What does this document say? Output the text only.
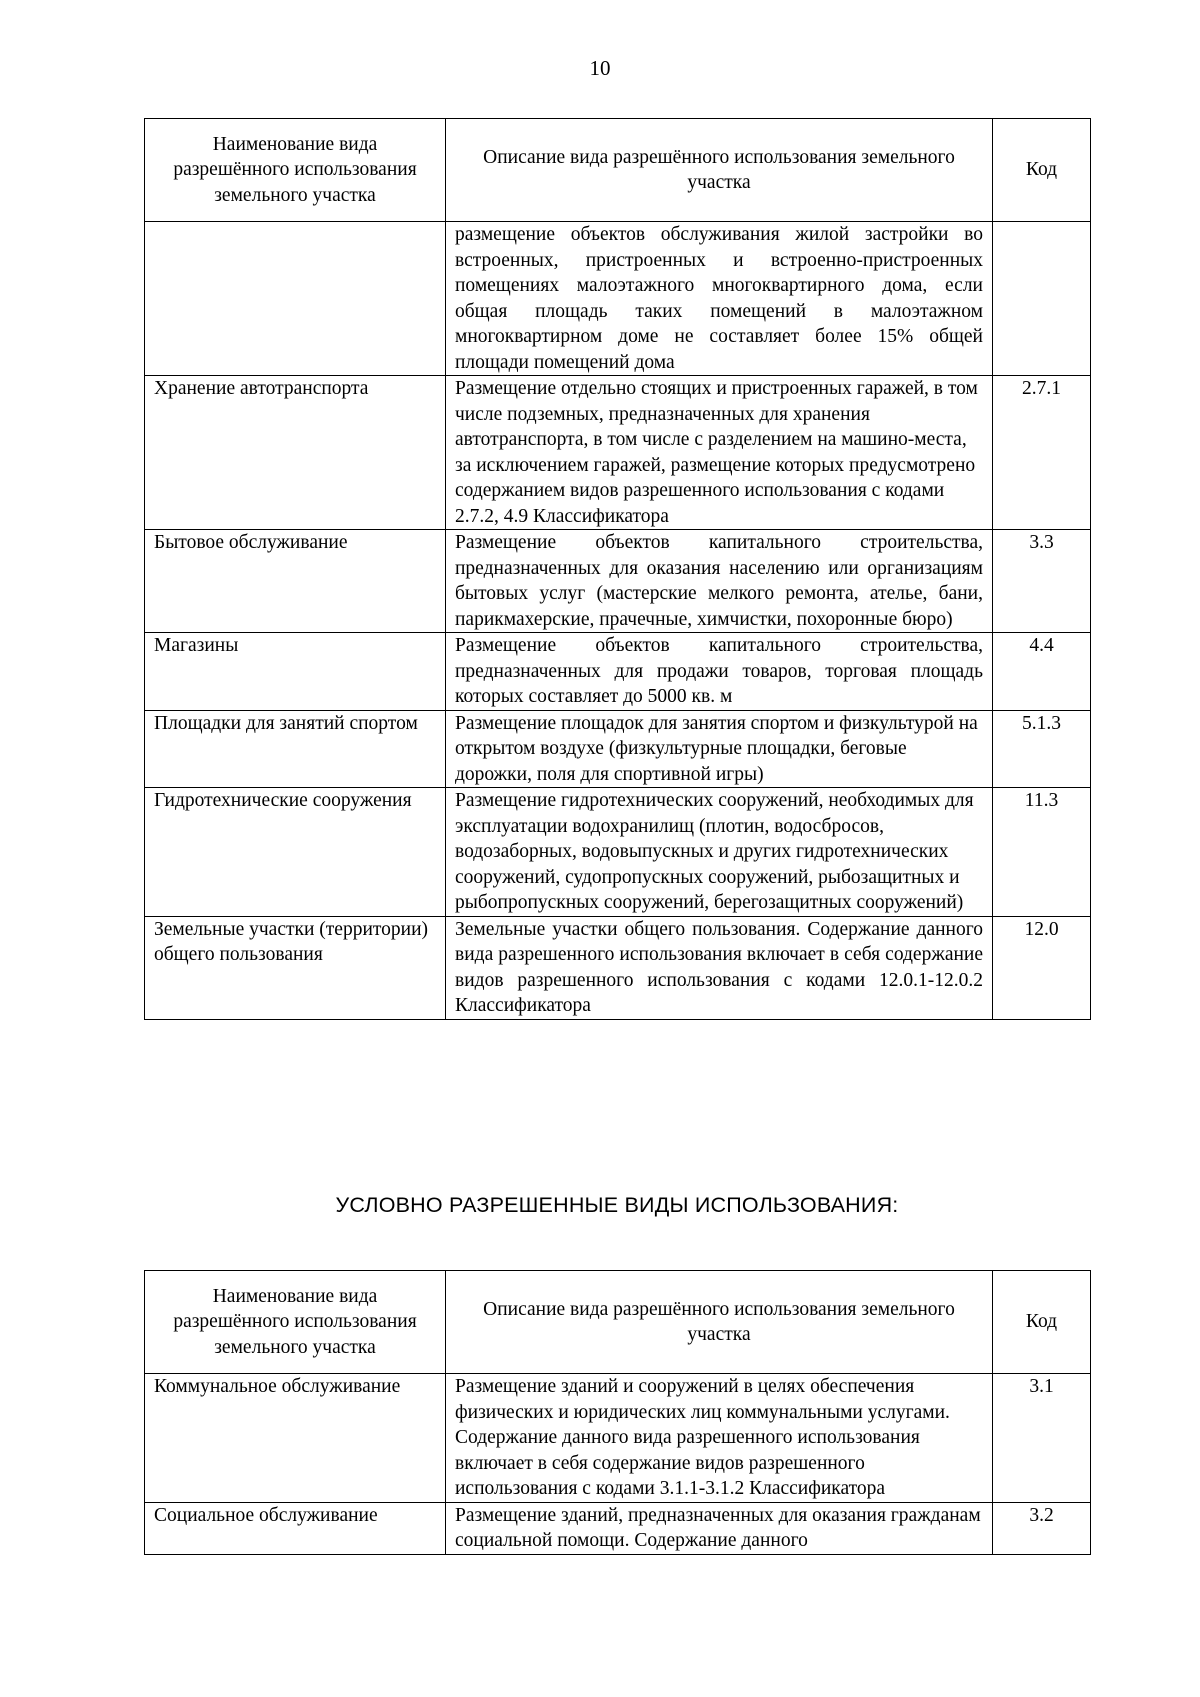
10
Наименование вида разрешённого использования земельного участка	Описание вида разрешённого использования земельного участка	Код
	размещение объектов обслуживания жилой застройки во встроенных, пристроенных и встроенно-пристроенных помещениях малоэтажного многоквартирного дома, если общая площадь таких помещений в малоэтажном многоквартирном доме не составляет более 15% общей площади помещений дома	
Хранение автотранспорта	Размещение отдельно стоящих и пристроенных гаражей, в том числе подземных, предназначенных для хранения автотранспорта, в том числе с разделением на машино-места, за исключением гаражей, размещение которых предусмотрено содержанием видов разрешенного использования с кодами 2.7.2, 4.9 Классификатора	2.7.1
Бытовое обслуживание	Размещение объектов капитального строительства, предназначенных для оказания населению или организациям бытовых услуг (мастерские мелкого ремонта, ателье, бани, парикмахерские, прачечные, химчистки, похоронные бюро)	3.3
Магазины	Размещение объектов капитального строительства, предназначенных для продажи товаров, торговая площадь которых составляет до 5000 кв. м	4.4
Площадки для занятий спортом	Размещение площадок для занятия спортом и физкультурой на открытом воздухе (физкультурные площадки, беговые дорожки, поля для спортивной игры)	5.1.3
Гидротехнические сооружения	Размещение гидротехнических сооружений, необходимых для эксплуатации водохранилищ (плотин, водосбросов, водозаборных, водовыпускных и других гидротехнических сооружений, судопропускных сооружений, рыбозащитных и рыбопропускных сооружений, берегозащитных сооружений)	11.3
Земельные участки (территории) общего пользования	Земельные участки общего пользования. Содержание данного вида разрешенного использования включает в себя содержание видов разрешенного использования с кодами 12.0.1-12.0.2 Классификатора	12.0
УСЛОВНО РАЗРЕШЕННЫЕ ВИДЫ ИСПОЛЬЗОВАНИЯ:
Наименование вида разрешённого использования земельного участка	Описание вида разрешённого использования земельного участка	Код
Коммунальное обслуживание	Размещение зданий и сооружений в целях обеспечения физических и юридических лиц коммунальными услугами. Содержание данного вида разрешенного использования включает в себя содержание видов разрешенного использования с кодами 3.1.1-3.1.2 Классификатора	3.1
Социальное обслуживание	Размещение зданий, предназначенных для оказания гражданам социальной помощи. Содержание данного	3.2
